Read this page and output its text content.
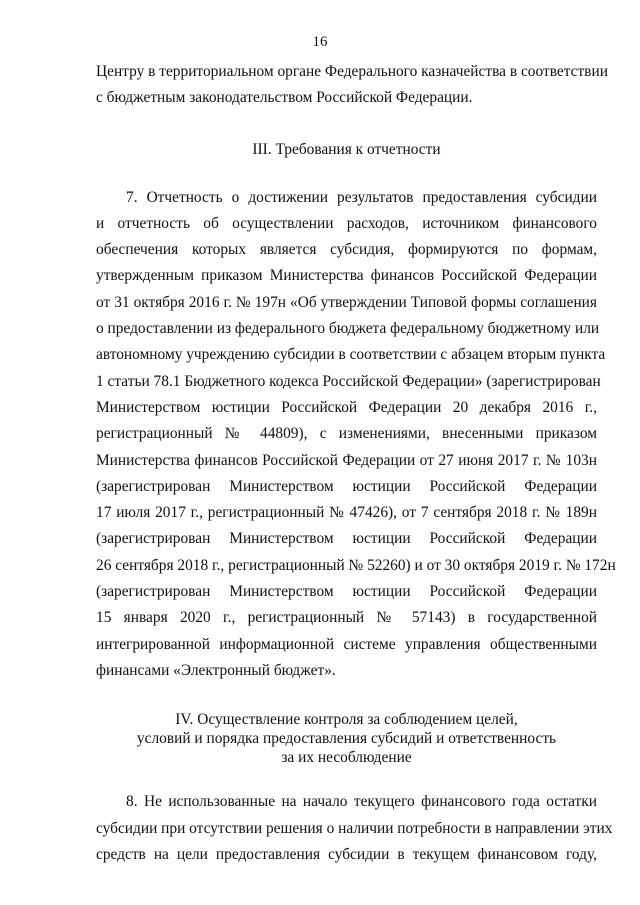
16
Центру в территориальном органе Федерального казначейства в соответствии
с бюджетным законодательством Российской Федерации.
III. Требования к отчетности
7. Отчетность о достижении результатов предоставления субсидии
и отчетность об осуществлении расходов, источником финансового
обеспечения которых является субсидия, формируются по формам,
утвержденным приказом Министерства финансов Российской Федерации
от 31 октября 2016 г. № 197н «Об утверждении Типовой формы соглашения
о предоставлении из федерального бюджета федеральному бюджетному или
автономному учреждению субсидии в соответствии с абзацем вторым пункта
1 статьи 78.1 Бюджетного кодекса Российской Федерации» (зарегистрирован
Министерством юстиции Российской Федерации 20 декабря 2016 г.,
регистрационный № 44809), с изменениями, внесенными приказом
Министерства финансов Российской Федерации от 27 июня 2017 г. № 103н
(зарегистрирован Министерством юстиции Российской Федерации
17 июля 2017 г., регистрационный № 47426), от 7 сентября 2018 г. № 189н
(зарегистрирован Министерством юстиции Российской Федерации
26 сентября 2018 г., регистрационный № 52260) и от 30 октября 2019 г. № 172н
(зарегистрирован Министерством юстиции Российской Федерации
15 января 2020 г., регистрационный № 57143) в государственной
интегрированной информационной системе управления общественными
финансами «Электронный бюджет».
IV. Осуществление контроля за соблюдением целей,
условий и порядка предоставления субсидий и ответственность
за их несоблюдение
8. Не использованные на начало текущего финансового года остатки
субсидии при отсутствии решения о наличии потребности в направлении этих
средств на цели предоставления субсидии в текущем финансовом году,
